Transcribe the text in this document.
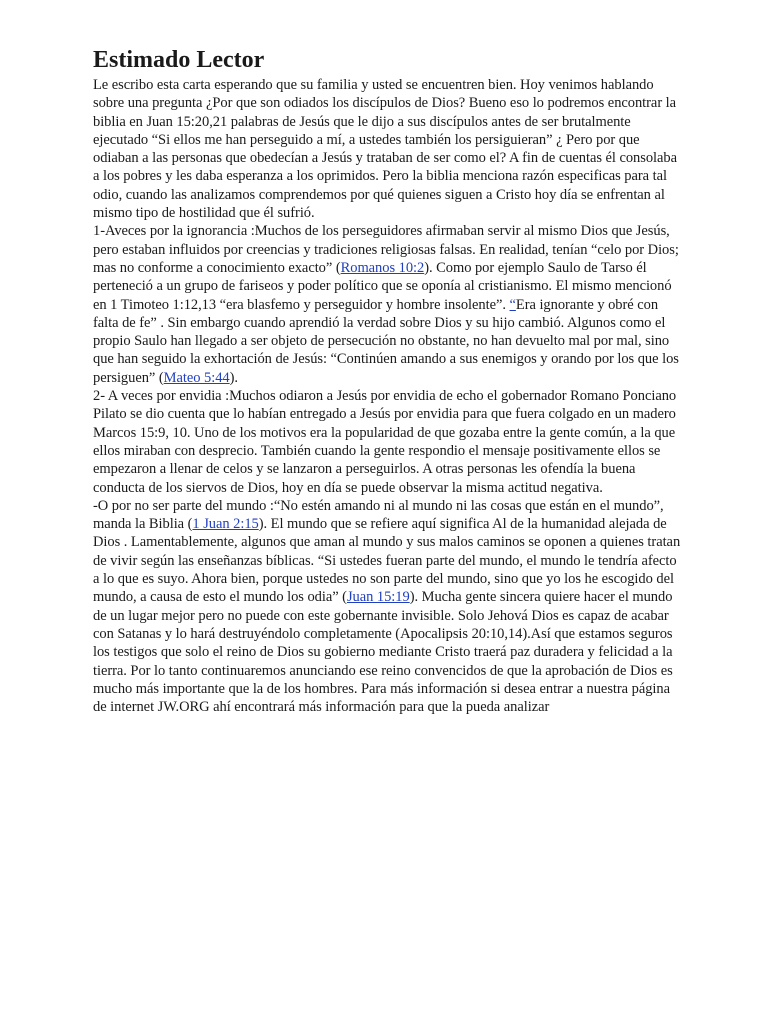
Estimado Lector

Le escribo esta carta esperando que su familia y usted se encuentren bien. Hoy venimos hablando sobre una pregunta ¿Por que son odiados los discípulos de Dios? Bueno eso lo podremos encontrar la biblia en Juan 15:20,21 palabras de Jesús que le dijo a sus discípulos antes de ser brutalmente ejecutado “Si ellos me han perseguido a mí, a ustedes también los persiguieran” ¿ Pero por que odiaban a las personas que obedecían a Jesús y trataban de ser como el? A fin de cuentas él consolaba a los pobres y les daba esperanza a los oprimidos. Pero la biblia menciona razón especificas para tal odio, cuando las analizamos comprendemos por qué quienes siguen a Cristo hoy día se enfrentan al mismo tipo de hostilidad que él sufrió.

1-Aveces por la ignorancia :Muchos de los perseguidores afirmaban servir al mismo Dios que Jesús, pero estaban influidos por creencias y tradiciones religiosas falsas. En realidad, tenían “celo por Dios; mas no conforme a conocimiento exacto” (Romanos 10:2). Como por ejemplo Saulo de Tarso él perteneció a un grupo de fariseos y poder político que se oponía al cristianismo. El mismo mencionó en 1 Timoteo 1:12,13 “era blasfemo y perseguidor y hombre insolente”. “Era ignorante y obré con falta de fe” . Sin embargo cuando aprendió la verdad sobre Dios y su hijo cambió. Algunos como el propio Saulo han llegado a ser objeto de persecución no obstante, no han devuelto mal por mal, sino que han seguido la exhortación de Jesús: “Continúen amando a sus enemigos y orando por los que los persiguen” (Mateo 5:44).

2- A veces por envidia :Muchos odiaron a Jesús por envidia de echo el gobernador Romano Ponciano Pilato se dio cuenta que lo habían entregado a Jesús por envidia para que fuera colgado en un madero Marcos 15:9, 10. Uno de los motivos era la popularidad de que gozaba entre la gente común, a la que ellos miraban con desprecio. También cuando la gente respondio el mensaje positivamente ellos se empezaron a llenar de celos y se lanzaron a perseguirlos. A otras personas les ofendía la buena conducta de los siervos de Dios, hoy en día se puede observar la misma actitud negativa.

-O por no ser parte del mundo :“No estén amando ni al mundo ni las cosas que están en el mundo”, manda la Biblia (1 Juan 2:15). El mundo que se refiere aquí significa Al de la humanidad alejada de Dios . Lamentablemente, algunos que aman al mundo y sus malos caminos se oponen a quienes tratan de vivir según las enseñanzas bíblicas. “Si ustedes fueran parte del mundo, el mundo le tendría afecto a lo que es suyo. Ahora bien, porque ustedes no son parte del mundo, sino que yo los he escogido del mundo, a causa de esto el mundo los odia” (Juan 15:19). Mucha gente sincera quiere hacer el mundo de un lugar mejor pero no puede con este gobernante invisible. Solo Jehová Dios es capaz de acabar con Satanas y lo hará destruyéndolo completamente (Apocalipsis 20:10,14).Así que estamos seguros los testigos que solo el reino de Dios su gobierno mediante Cristo traerá paz duradera y felicidad a la tierra. Por lo tanto continuaremos anunciando ese reino convencidos de que la aprobación de Dios es mucho más importante que la de los hombres. Para más información si desea entrar a nuestra página de internet JW.ORG ahí encontrará más información para que la pueda analizar
